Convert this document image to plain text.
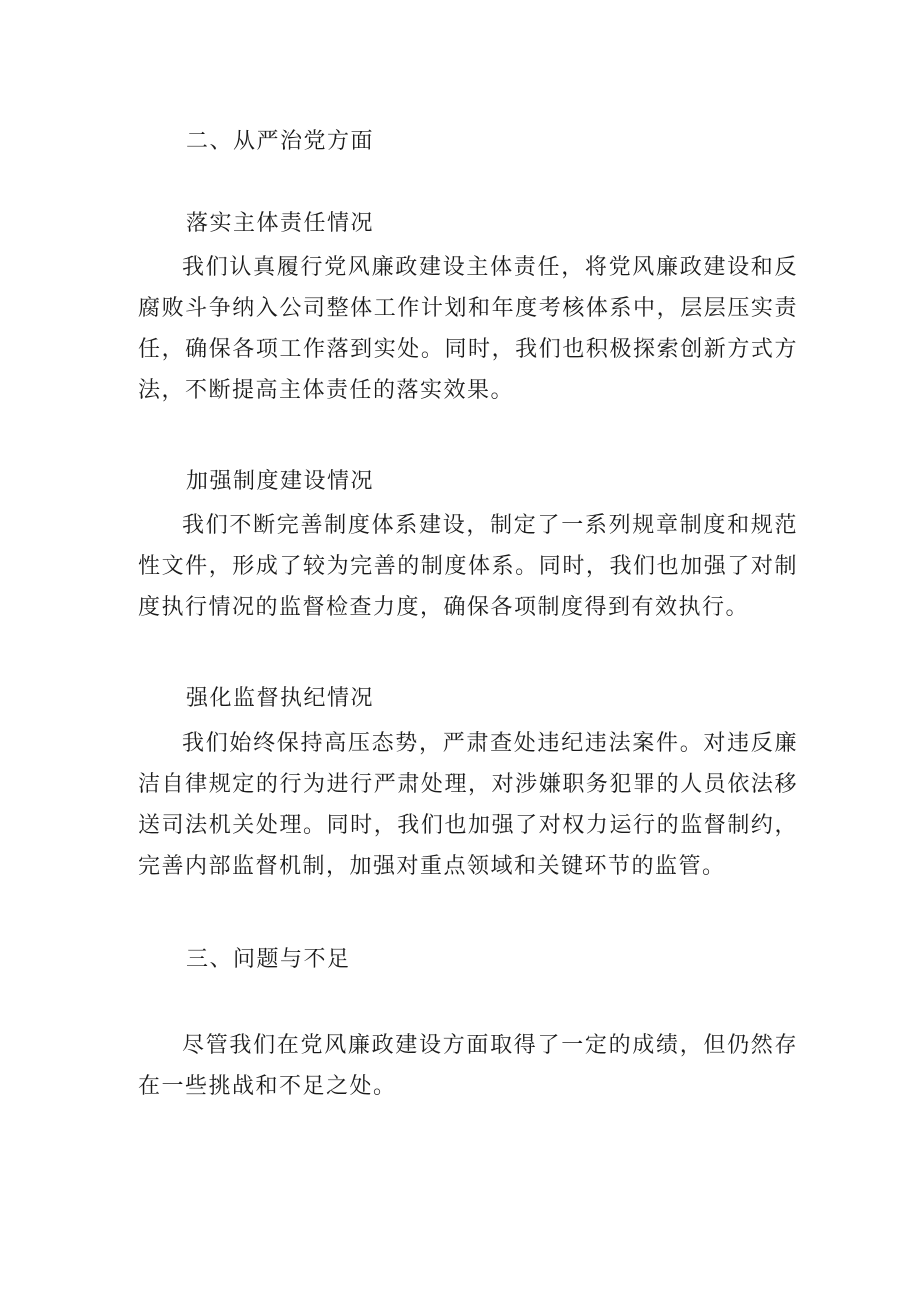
二、从严治党方面
落实主体责任情况
我们认真履行党风廉政建设主体责任，将党风廉政建设和反腐败斗争纳入公司整体工作计划和年度考核体系中，层层压实责任，确保各项工作落到实处。同时，我们也积极探索创新方式方法，不断提高主体责任的落实效果。
加强制度建设情况
我们不断完善制度体系建设，制定了一系列规章制度和规范性文件，形成了较为完善的制度体系。同时，我们也加强了对制度执行情况的监督检查力度，确保各项制度得到有效执行。
强化监督执纪情况
我们始终保持高压态势，严肃查处违纪违法案件。对违反廉洁自律规定的行为进行严肃处理，对涉嫌职务犯罪的人员依法移送司法机关处理。同时，我们也加强了对权力运行的监督制约，完善内部监督机制，加强对重点领域和关键环节的监管。
三、问题与不足
尽管我们在党风廉政建设方面取得了一定的成绩，但仍然存在一些挑战和不足之处。
